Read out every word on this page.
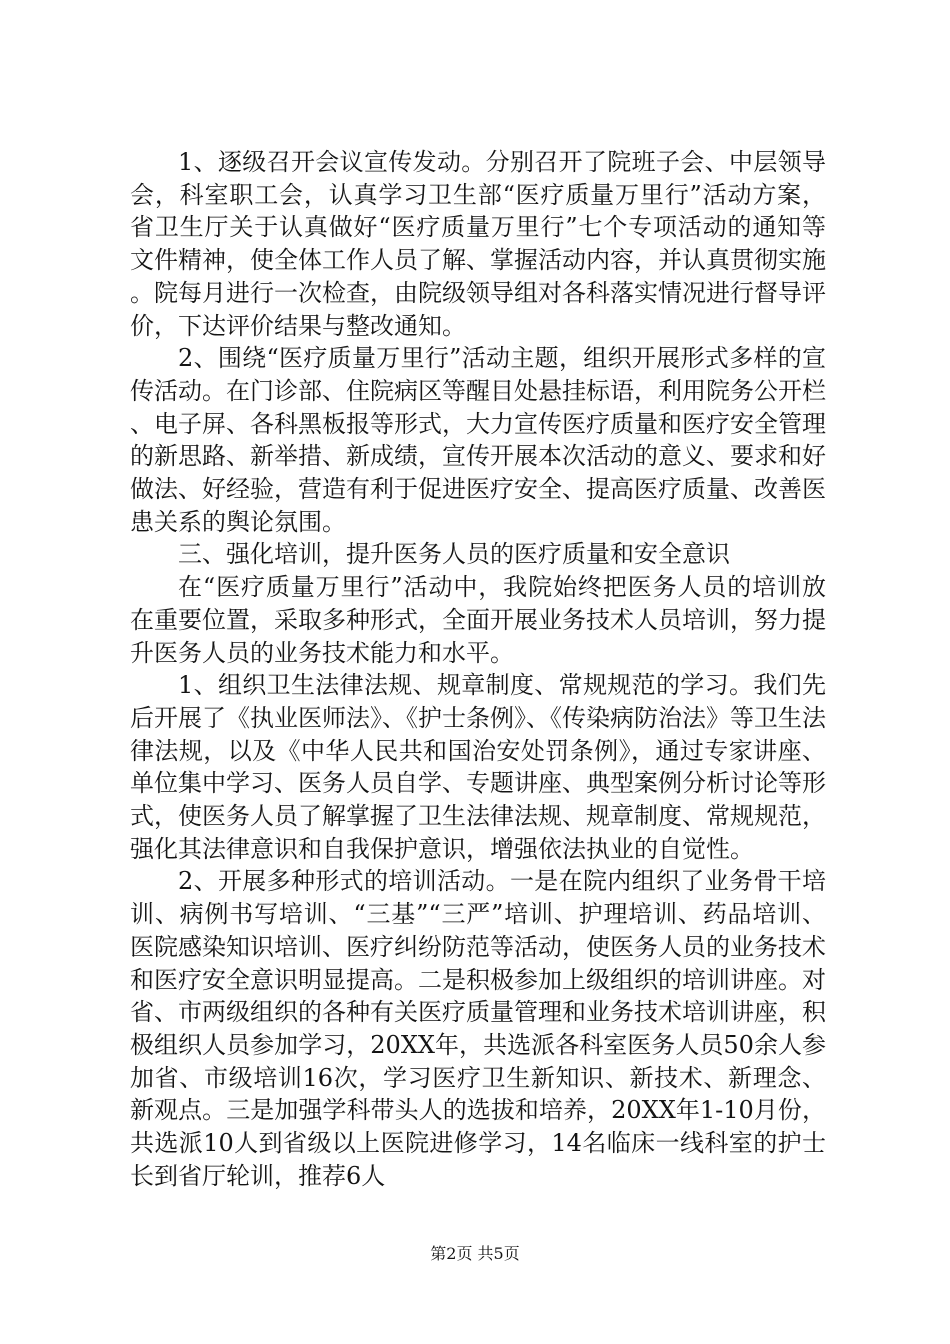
1、逐级召开会议宣传发动。分别召开了院班子会、中层领导会，科室职工会，认真学习卫生部“医疗质量万里行”活动方案，省卫生厅关于认真做好“医疗质量万里行”七个专项活动的通知等文件精神，使全体工作人员了解、掌握活动内容，并认真贯彻实施。院每月进行一次检查，由院级领导组对各科落实情况进行督导评价，下达评价结果与整改通知。

2、围绕“医疗质量万里行”活动主题，组织开展形式多样的宣传活动。在门诊部、住院病区等醒目处悬挂标语，利用院务公开栏、电子屏、各科黑板报等形式，大力宣传医疗质量和医疗安全管理的新思路、新举措、新成绩，宣传开展本次活动的意义、要求和好做法、好经验，营造有利于促进医疗安全、提高医疗质量、改善医患关系的舆论氛围。

三、强化培训，提升医务人员的医疗质量和安全意识

在“医疗质量万里行”活动中，我院始终把医务人员的培训放在重要位置，采取多种形式，全面开展业务技术人员培训，努力提升医务人员的业务技术能力和水平。

1、组织卫生法律法规、规章制度、常规规范的学习。我们先后开展了《执业医师法》、《护士条例》、《传染病防治法》等卫生法律法规，以及《中华人民共和国治安处罚条例》，通过专家讲座、单位集中学习、医务人员自学、专题讲座、典型案例分析讨论等形式，使医务人员了解掌握了卫生法律法规、规章制度、常规规范，强化其法律意识和自我保护意识，增强依法执业的自觉性。

2、开展多种形式的培训活动。一是在院内组织了业务骨干培训、病例书写培训、“三基”“三严”培训、护理培训、药品培训、医院感染知识培训、医疗纠纷防范等活动，使医务人员的业务技术和医疗安全意识明显提高。二是积极参加上级组织的培训讲座。对省、市两级组织的各种有关医疗质量管理和业务技术培训讲座，积极组织人员参加学习，20XX年，共选派各科室医务人员50余人参加省、市级培训16次，学习医疗卫生新知识、新技术、新理念、新观点。三是加强学科带头人的选拔和培养，20XX年1-10月份，共选派10人到省级以上医院进修学习，14名临床一线科室的护士长到省厅轮训，推荐6人

第2页 共5页
